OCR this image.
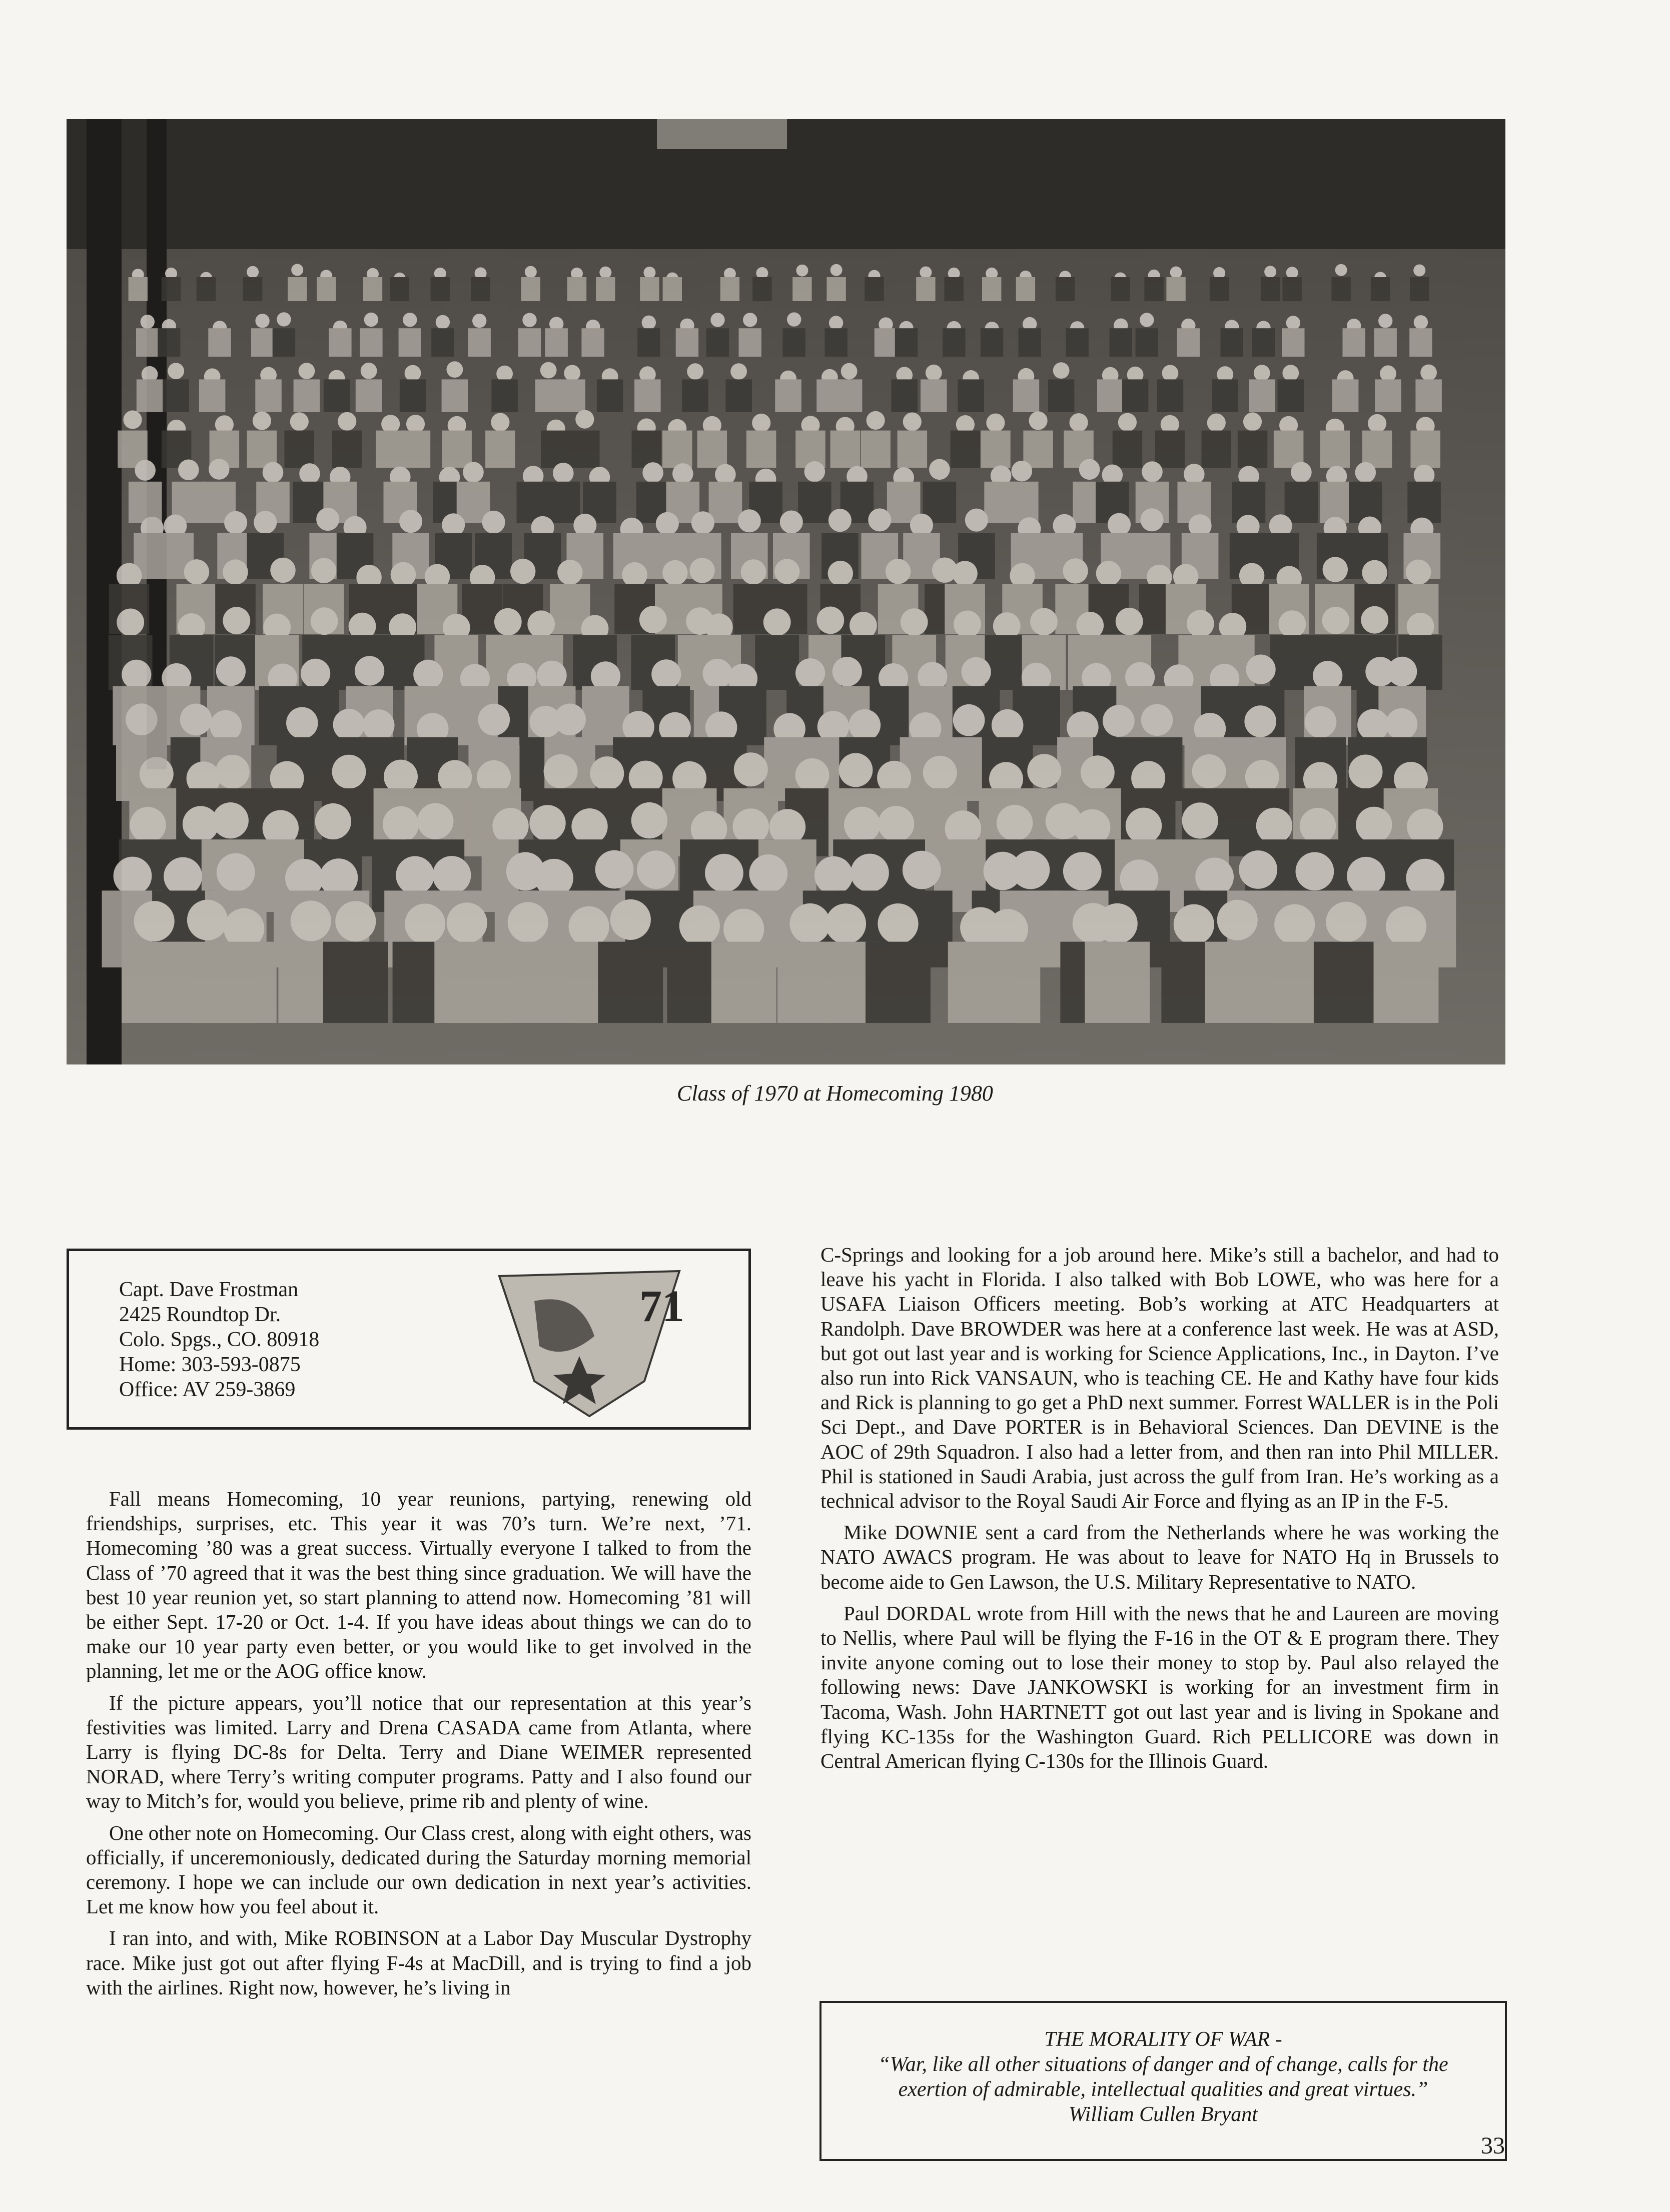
Class of 1970 at Homecoming 1980
Capt. Dave Frostman
2425 Roundtop Dr.
Colo. Spgs., CO. 80918
Home: 303-593-0875
Office: AV 259-3869
71

Fall means Homecoming, 10 year reunions, partying, renewing old friendships, surprises, etc. This year it was 70’s turn. We’re next, ’71. Homecoming ’80 was a great success. Virtually everyone I talked to from the Class of ’70 agreed that it was the best thing since graduation. We will have the best 10 year reunion yet, so start planning to attend now. Homecoming ’81 will be either Sept. 17-20 or Oct. 1-4. If you have ideas about things we can do to make our 10 year party even better, or you would like to get involved in the planning, let me or the AOG office know.

If the picture appears, you’ll notice that our representation at this year’s festivities was limited. Larry and Drena CASADA came from Atlanta, where Larry is flying DC-8s for Delta. Terry and Diane WEIMER represented NORAD, where Terry’s writing computer programs. Patty and I also found our way to Mitch’s for, would you believe, prime rib and plenty of wine.

One other note on Homecoming. Our Class crest, along with eight others, was officially, if unceremoniously, dedicated during the Saturday morning memorial ceremony. I hope we can include our own dedication in next year’s activities. Let me know how you feel about it.

I ran into, and with, Mike ROBINSON at a Labor Day Muscular Dystrophy race. Mike just got out after flying F-4s at MacDill, and is trying to find a job with the airlines. Right now, however, he’s living in

C-Springs and looking for a job around here. Mike’s still a bachelor, and had to leave his yacht in Florida. I also talked with Bob LOWE, who was here for a USAFA Liaison Officers meeting. Bob’s working at ATC Headquarters at Randolph. Dave BROWDER was here at a conference last week. He was at ASD, but got out last year and is working for Science Applications, Inc., in Dayton. I’ve also run into Rick VANSAUN, who is teaching CE. He and Kathy have four kids and Rick is planning to go get a PhD next summer. Forrest WALLER is in the Poli Sci Dept., and Dave PORTER is in Behavioral Sciences. Dan DEVINE is the AOC of 29th Squadron. I also had a letter from, and then ran into Phil MILLER. Phil is stationed in Saudi Arabia, just across the gulf from Iran. He’s working as a technical advisor to the Royal Saudi Air Force and flying as an IP in the F-5.

Mike DOWNIE sent a card from the Netherlands where he was working the NATO AWACS program. He was about to leave for NATO Hq in Brussels to become aide to Gen Lawson, the U.S. Military Representative to NATO.

Paul DORDAL wrote from Hill with the news that he and Laureen are moving to Nellis, where Paul will be flying the F-16 in the OT & E program there. They invite anyone coming out to lose their money to stop by. Paul also relayed the following news: Dave JANKOWSKI is working for an investment firm in Tacoma, Wash. John HARTNETT got out last year and is living in Spokane and flying KC-135s for the Washington Guard. Rich PELLICORE was down in Central American flying C-130s for the Illinois Guard.

THE MORALITY OF WAR -
“War, like all other situations of danger and of change, calls for the
exertion of admirable, intellectual qualities and great virtues.”
William Cullen Bryant
33
